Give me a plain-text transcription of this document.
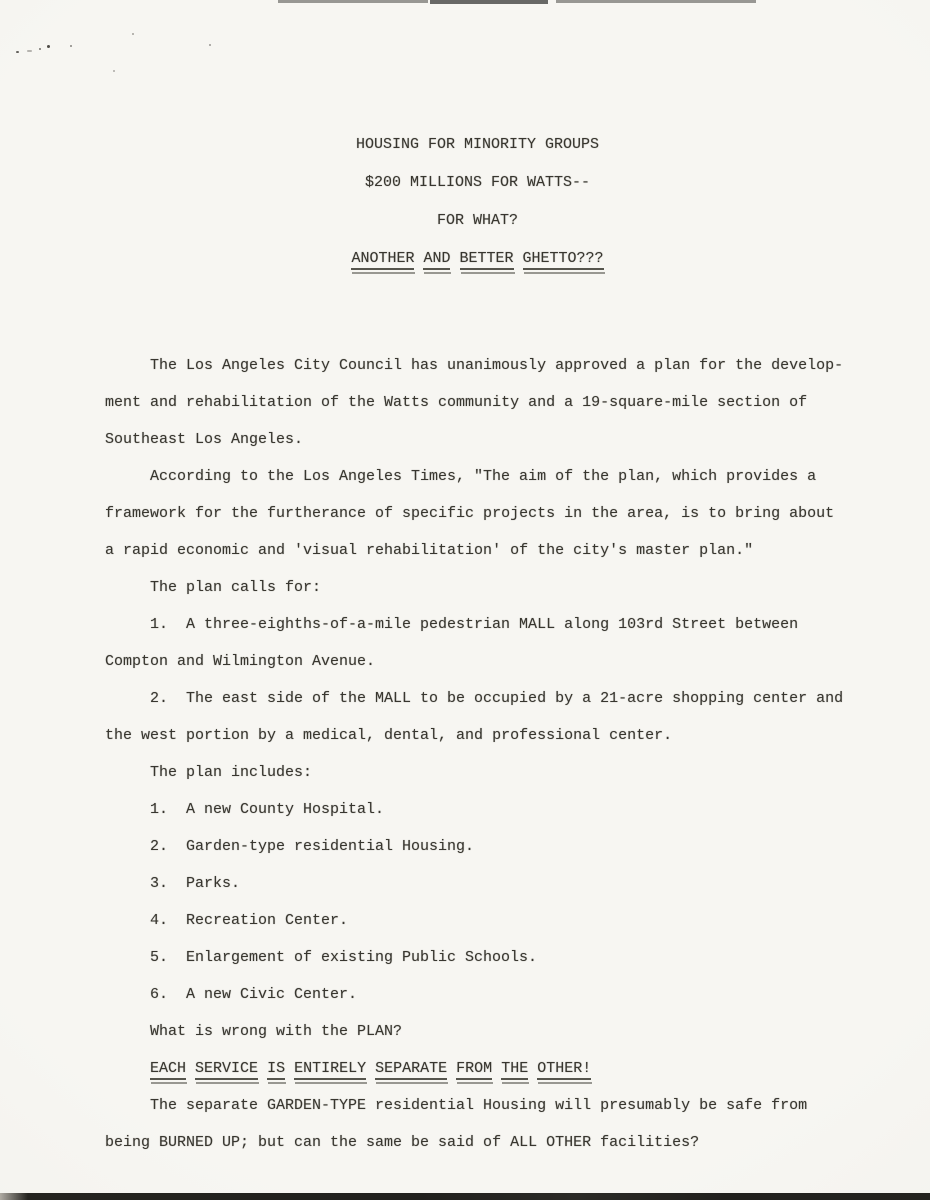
HOUSING FOR MINORITY GROUPS
$200 MILLIONS FOR WATTS--
FOR WHAT?
ANOTHER AND BETTER GHETTO???

The Los Angeles City Council has unanimously approved a plan for the develop-
ment and rehabilitation of the Watts community and a 19-square-mile section of
Southeast Los Angeles.
According to the Los Angeles Times, "The aim of the plan, which provides a
framework for the furtherance of specific projects in the area, is to bring about
a rapid economic and 'visual rehabilitation' of the city's master plan."
The plan calls for:
1.  A three-eighths-of-a-mile pedestrian MALL along 103rd Street between
Compton and Wilmington Avenue.
2.  The east side of the MALL to be occupied by a 21-acre shopping center and
the west portion by a medical, dental, and professional center.
The plan includes:
1.  A new County Hospital.
2.  Garden-type residential Housing.
3.  Parks.
4.  Recreation Center.
5.  Enlargement of existing Public Schools.
6.  A new Civic Center.
What is wrong with the PLAN?
EACH SERVICE IS ENTIRELY SEPARATE FROM THE OTHER!
The separate GARDEN-TYPE residential Housing will presumably be safe from
being BURNED UP; but can the same be said of ALL OTHER facilities?
